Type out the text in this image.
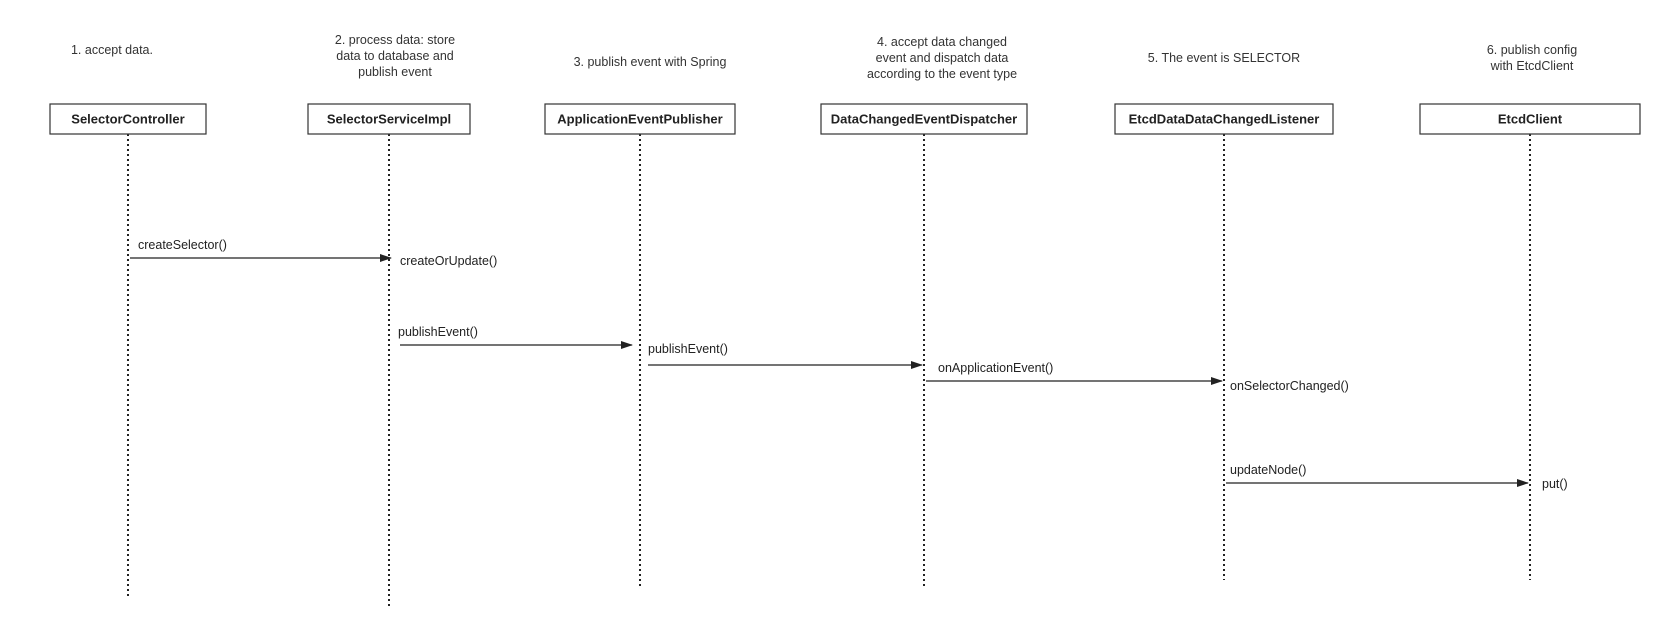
1. accept data.
2. process data: store data to database and publish event
3. publish event with Spring
4. accept data changed event and dispatch data according to the event type
5. The event is SELECTOR
6. publish config with EtcdClient
SelectorController	SelectorServiceImpl	ApplicationEventPublisher	DataChangedEventDispatcher	EtcdDataDataChangedListener	EtcdClient
createSelector()
createOrUpdate()
publishEvent()
publishEvent()
onApplicationEvent()
onSelectorChanged()
updateNode()
put()
